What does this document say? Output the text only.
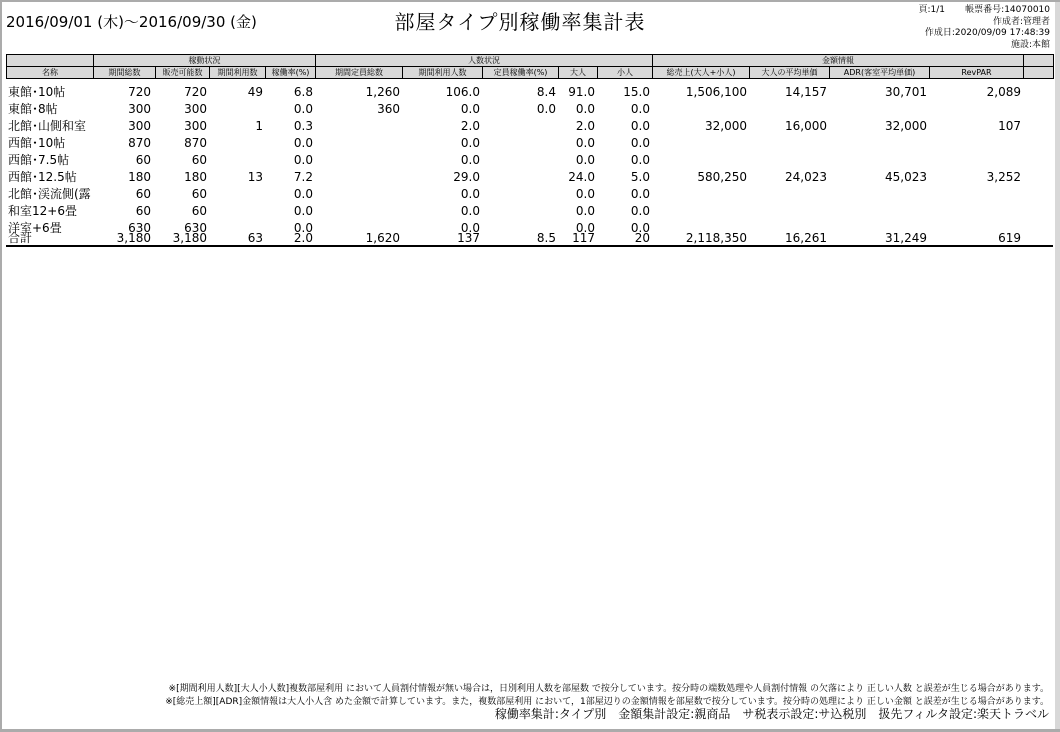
2016/09/01 (木)～2016/09/30 (金)	部屋タイプ別稼働率集計表	頁:1/1	帳票番号:14070010
作成者:管理者
作成日:2020/09/09 17:48:39
施設:本館
	稼動状況				人数状況					金額情報				
名称	期間総数	販売可能数	期間利用数	稼働率(%)	期間定員総数	期間利用人数	定員稼働率(%)	大人	小人	総売上(大人+小人)	大人の平均単価	ADR(客室平均単価)	RevPAR	
東館･10帖	720	720	49	6.8	1,260	106.0	8.4	91.0	15.0	1,506,100	14,157	30,701	2,089	
東館･8帖	300	300		0.0	360	0.0	0.0	0.0	0.0					
北館･山側和室	300	300	1	0.3		2.0		2.0	0.0	32,000	16,000	32,000	107	
西館･10帖	870	870		0.0		0.0		0.0	0.0					
西館･7.5帖	60	60		0.0		0.0		0.0	0.0					
西館･12.5帖	180	180	13	7.2		29.0		24.0	5.0	580,250	24,023	45,023	3,252	
北館･渓流側(露	60	60		0.0		0.0		0.0	0.0					
和室12+6畳	60	60		0.0		0.0		0.0	0.0					
洋室+6畳	630	630		0.0		0.0		0.0	0.0					
合計	3,180	3,180	63	2.0	1,620	137	8.5	117	20	2,118,350	16,261	31,249	619	
※[期間利用人数][大人小人数]複数部屋利用 において人員割付情報が無い場合は，日別利用人数を部屋数 で按分しています。按分時の端数処理や人員割付情報 の欠落により 正しい人数 と誤差が生じる場合があります。
※[総売上額][ADR]金額情報は大人小人含 めた金額で計算しています。また，複数部屋利用 において，1部屋辺りの金額情報を部屋数で按分しています。按分時の処理により 正しい金額 と誤差が生じる場合があります。
稼働率集計:タイプ別　金額集計設定:親商品　サ税表示設定:サ込税別　扱先フィルタ設定:楽天トラベル
